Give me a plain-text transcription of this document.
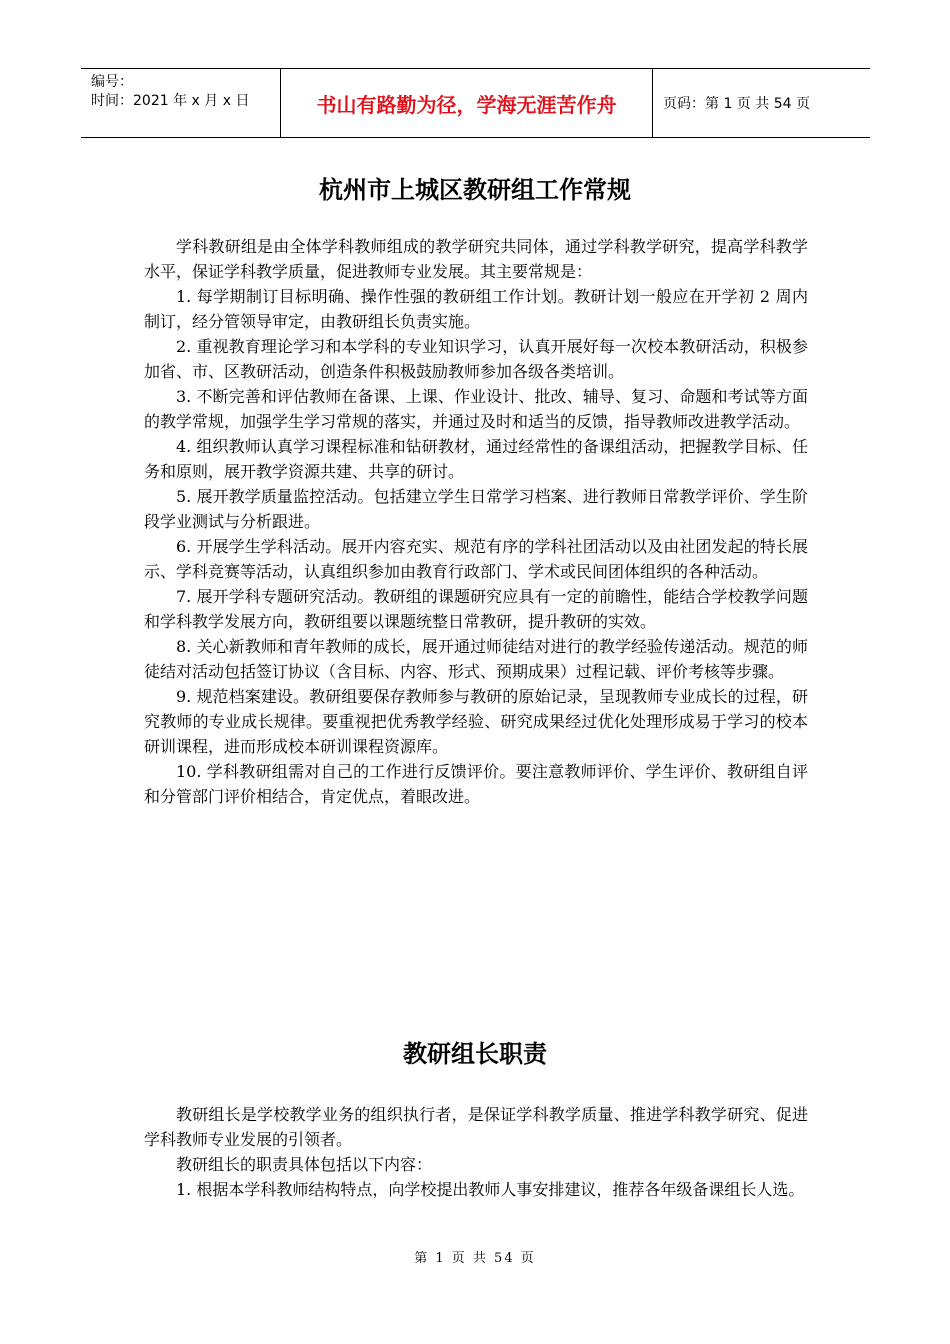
编号：
时间：2021 年 x 月 x 日	书山有路勤为径，学海无涯苦作舟	页码：第 1 页 共 54 页
杭州市上城区教研组工作常规

学科教研组是由全体学科教师组成的教学研究共同体，通过学科教学研究，提高学科教学水平，保证学科教学质量，促进教师专业发展。其主要常规是：

1. 每学期制订目标明确、操作性强的教研组工作计划。教研计划一般应在开学初 2 周内制订，经分管领导审定，由教研组长负责实施。

2. 重视教育理论学习和本学科的专业知识学习，认真开展好每一次校本教研活动，积极参加省、市、区教研活动，创造条件积极鼓励教师参加各级各类培训。

3. 不断完善和评估教师在备课、上课、作业设计、批改、辅导、复习、命题和考试等方面的教学常规，加强学生学习常规的落实，并通过及时和适当的反馈，指导教师改进教学活动。

4. 组织教师认真学习课程标准和钻研教材，通过经常性的备课组活动，把握教学目标、任务和原则，展开教学资源共建、共享的研讨。

5. 展开教学质量监控活动。包括建立学生日常学习档案、进行教师日常教学评价、学生阶段学业测试与分析跟进。

6. 开展学生学科活动。展开内容充实、规范有序的学科社团活动以及由社团发起的特长展示、学科竞赛等活动，认真组织参加由教育行政部门、学术或民间团体组织的各种活动。

7. 展开学科专题研究活动。教研组的课题研究应具有一定的前瞻性，能结合学校教学问题和学科教学发展方向，教研组要以课题统整日常教研，提升教研的实效。

8. 关心新教师和青年教师的成长，展开通过师徒结对进行的教学经验传递活动。规范的师徒结对活动包括签订协议（含目标、内容、形式、预期成果）过程记载、评价考核等步骤。

9. 规范档案建设。教研组要保存教师参与教研的原始记录，呈现教师专业成长的过程，研究教师的专业成长规律。要重视把优秀教学经验、研究成果经过优化处理形成易于学习的校本研训课程，进而形成校本研训课程资源库。

10. 学科教研组需对自己的工作进行反馈评价。要注意教师评价、学生评价、教研组自评和分管部门评价相结合，肯定优点，着眼改进。

教研组长职责

教研组长是学校教学业务的组织执行者，是保证学科教学质量、推进学科教学研究、促进学科教师专业发展的引领者。

教研组长的职责具体包括以下内容：

1. 根据本学科教师结构特点，向学校提出教师人事安排建议，推荐各年级备课组长人选。

第 1 页 共 54 页
